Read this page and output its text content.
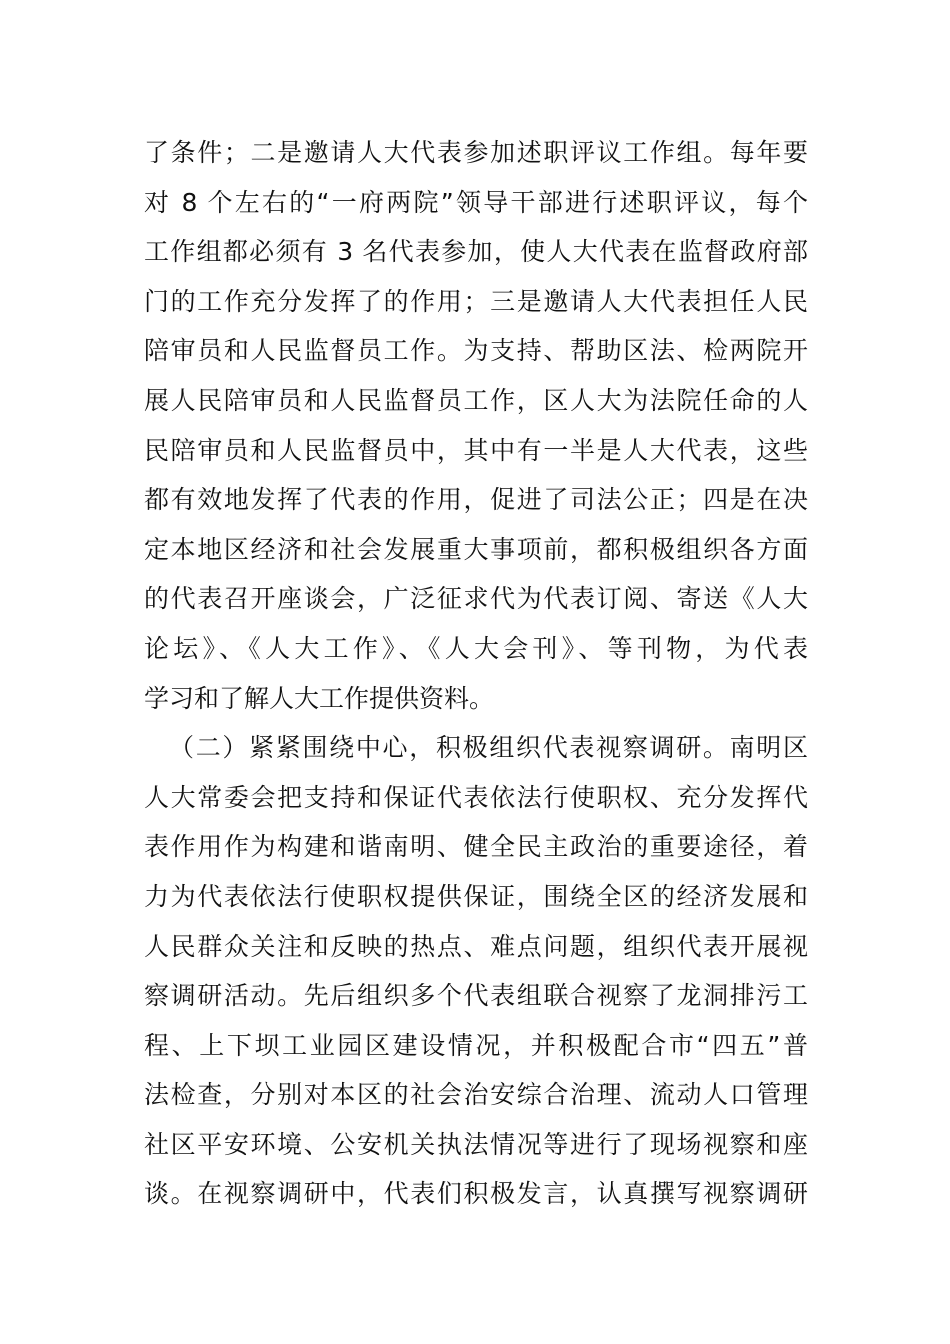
了条件；二是邀请人大代表参加述职评议工作组。每年要
对 8 个左右的“一府两院”领导干部进行述职评议，每个
工作组都必须有 3 名代表参加，使人大代表在监督政府部
门的工作充分发挥了的作用；三是邀请人大代表担任人民
陪审员和人民监督员工作。为支持、帮助区法、检两院开
展人民陪审员和人民监督员工作，区人大为法院任命的人
民陪审员和人民监督员中，其中有一半是人大代表，这些
都有效地发挥了代表的作用，促进了司法公正；四是在决
定本地区经济和社会发展重大事项前，都积极组织各方面
的代表召开座谈会，广泛征求代为代表订阅、寄送《人大
论坛》、《人大工作》、《人大会刊》、等刊物，为代表
学习和了解人大工作提供资料。
（二）紧紧围绕中心，积极组织代表视察调研。南明区
人大常委会把支持和保证代表依法行使职权、充分发挥代
表作用作为构建和谐南明、健全民主政治的重要途径，着
力为代表依法行使职权提供保证，围绕全区的经济发展和
人民群众关注和反映的热点、难点问题，组织代表开展视
察调研活动。先后组织多个代表组联合视察了龙洞排污工
程、上下坝工业园区建设情况，并积极配合市“四五”普
法检查，分别对本区的社会治安综合治理、流动人口管理
社区平安环境、公安机关执法情况等进行了现场视察和座
谈。在视察调研中，代表们积极发言，认真撰写视察调研
